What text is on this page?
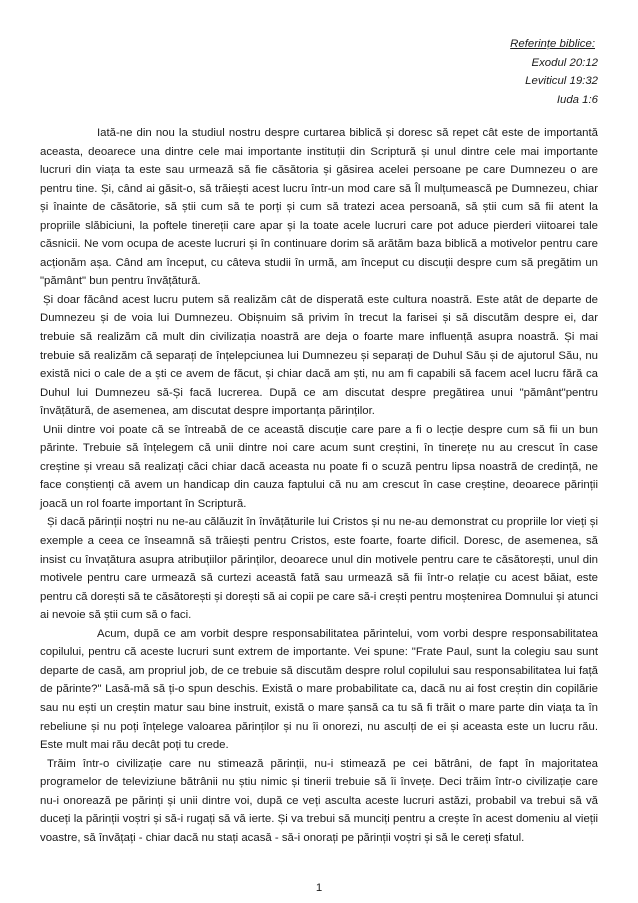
Referințe biblice:
Exodul 20:12
Leviticul 19:32
Iuda 1:6

Iată-ne din nou la studiul nostru despre curtarea biblică și doresc să repet cât este de importantă aceasta, deoarece una dintre cele mai importante instituții din Scriptură și unul dintre cele mai importante lucruri din viața ta este sau urmează să fie căsătoria și găsirea acelei persoane pe care Dumnezeu o are pentru tine. Și, când ai găsit-o, să trăiești acest lucru într-un mod care să Îl mulțumească pe Dumnezeu, chiar și înainte de căsătorie, să știi cum să te porți și cum să tratezi acea persoană, să știi cum să fii atent la propriile slăbiciuni, la poftele tinereții care apar și la toate acele lucruri care pot aduce pierderi viitoarei tale căsnicii. Ne vom ocupa de aceste lucruri și în continuare dorim să arătăm baza biblică a motivelor pentru care acționăm așa. Când am început, cu câteva studii în urmă, am început cu discuții despre cum să pregătim un "pământ" bun pentru învățătură.

Și doar făcând acest lucru putem să realizăm cât de disperată este cultura noastră. Este atât de departe de Dumnezeu și de voia lui Dumnezeu. Obișnuim să privim în trecut la farisei și să discutăm despre ei, dar trebuie să realizăm că mult din civilizația noastră are deja o foarte mare influență asupra noastră. Și mai trebuie să realizăm că separați de înțelepciunea lui Dumnezeu și separați de Duhul Său și de ajutorul Său, nu există nici o cale de a ști ce avem de făcut, și chiar dacă am ști, nu am fi capabili să facem acel lucru fără ca Duhul lui Dumnezeu să-Și facă lucrerea. După ce am discutat despre pregătirea unui "pământ"pentru învățătură, de asemenea, am discutat despre importanța părinților.

Unii dintre voi poate că se întreabă de ce această discuție care pare a fi o lecție despre cum să fii un bun părinte. Trebuie să înțelegem că unii dintre noi care acum sunt creștini, în tinerețe nu au crescut în case creștine și vreau să realizați căci chiar dacă aceasta nu poate fi o scuză pentru lipsa noastră de credință, ne face conștienți că avem un handicap din cauza faptului că nu am crescut în case creștine, deoarece părinții joacă un rol foarte important în Scriptură.

Și dacă părinții noștri nu ne-au călăuzit în învățăturile lui Cristos și nu ne-au demonstrat cu propriile lor vieți și exemple a ceea ce înseamnă să trăiești pentru Cristos, este foarte, foarte dificil. Doresc, de asemenea, să insist cu învațătura asupra atribuțiilor părinților, deoarece unul din motivele pentru care te căsătorești, unul din motivele pentru care urmează să curtezi această fată sau urmează să fii într-o relație cu acest băiat, este pentru că dorești să te căsătorești și dorești să ai copii pe care să-i crești pentru moștenirea Domnului și atunci ai nevoie să știi cum să o faci.

Acum, după ce am vorbit despre responsabilitatea părintelui, vom vorbi despre responsabilitatea copilului, pentru că aceste lucruri sunt extrem de importante. Vei spune: "Frate Paul, sunt la colegiu sau sunt departe de casă, am propriul job, de ce trebuie să discutăm despre rolul copilului sau responsabilitatea lui față de părinte?" Lasă-mă să ți-o spun deschis. Există o mare probabilitate ca, dacă nu ai fost creștin din copilărie sau nu ești un creștin matur sau bine instruit, există o mare șansă ca tu să fi trăit o mare parte din viața ta în rebeliune și nu poți înțelege valoarea părinților și nu îi onorezi, nu asculți de ei și aceasta este un lucru rău. Este mult mai rău decât poți tu crede.

Trăim într-o civilizație care nu stimează părinții, nu-i stimează pe cei bătrâni, de fapt în majoritatea programelor de televiziune bătrânii nu știu nimic și tinerii trebuie să îi învețe. Deci trăim într-o civilizație care nu-i onorează pe părinți și unii dintre voi, după ce veți asculta aceste lucruri astăzi, probabil va trebui să vă duceți la părinții voștri și să-i rugați să vă ierte. Și va trebui să munciți pentru a crește în acest domeniu al vieții voastre, să învățați - chiar dacă nu stați acasă - să-i onorați pe părinții voștri și să le cereți sfatul.

1
